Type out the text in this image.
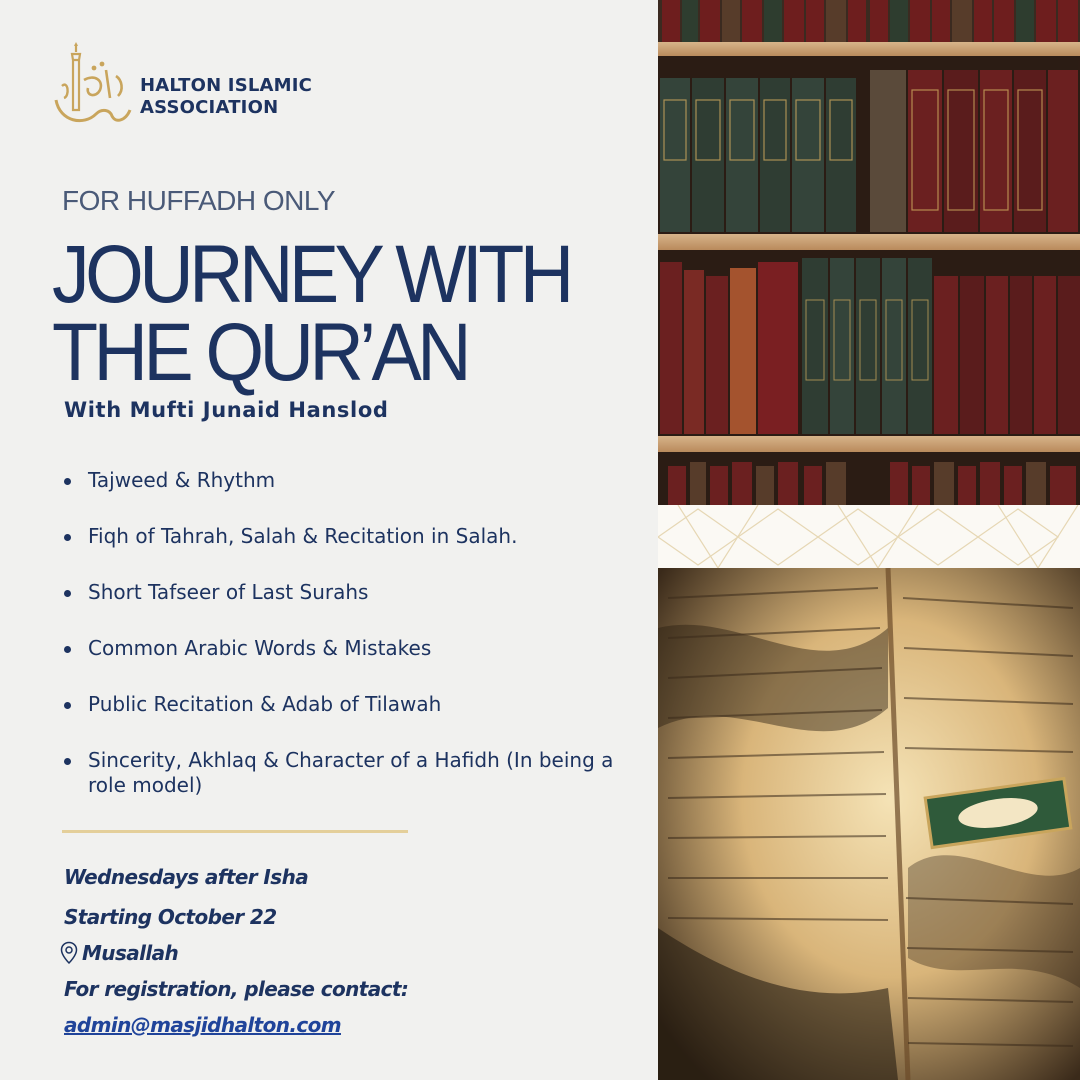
HALTON ISLAMIC
ASSOCIATION
FOR HUFFADH ONLY
JOURNEY WITH
THE QUR’AN
With Mufti Junaid Hanslod
Tajweed & Rhythm
Fiqh of Tahrah, Salah & Recitation in Salah.
Short Tafseer of Last Surahs
Common Arabic Words & Mistakes
Public Recitation & Adab of Tilawah
Sincerity, Akhlaq & Character of a Hafidh (In being a role model)
Wednesdays after Isha
Starting October 22
Musallah
For registration, please contact:
admin@masjidhalton.com
